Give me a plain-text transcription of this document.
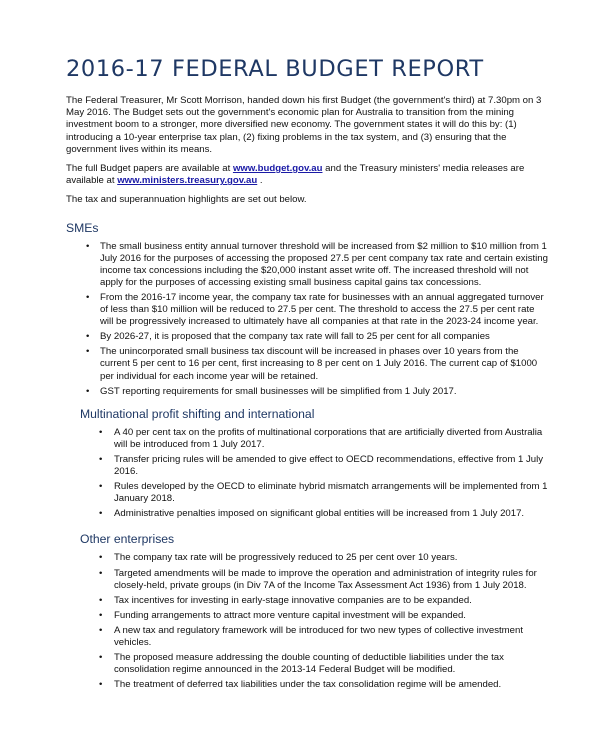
2016-17 FEDERAL BUDGET REPORT

The Federal Treasurer, Mr Scott Morrison, handed down his first Budget (the government's third) at 7.30pm on 3 May 2016. The Budget sets out the government's economic plan for Australia to transition from the mining investment boom to a stronger, more diversified new economy. The government states it will do this by: (1) introducing a 10-year enterprise tax plan, (2) fixing problems in the tax system, and (3) ensuring that the government lives within its means.

The full Budget papers are available at www.budget.gov.au and the Treasury ministers' media releases are available at www.ministers.treasury.gov.au .

The tax and superannuation highlights are set out below.

SMEs
• The small business entity annual turnover threshold will be increased from $2 million to $10 million from 1 July 2016 for the purposes of accessing the proposed 27.5 per cent company tax rate and certain existing income tax concessions including the $20,000 instant asset write off. The increased threshold will not apply for the purposes of accessing existing small business capital gains tax concessions.
• From the 2016-17 income year, the company tax rate for businesses with an annual aggregated turnover of less than $10 million will be reduced to 27.5 per cent. The threshold to access the 27.5 per cent rate will be progressively increased to ultimately have all companies at that rate in the 2023-24 income year.
• By 2026-27, it is proposed that the company tax rate will fall to 25 per cent for all companies
• The unincorporated small business tax discount will be increased in phases over 10 years from the current 5 per cent to 16 per cent, first increasing to 8 per cent on 1 July 2016. The current cap of $1000 per individual for each income year will be retained.
• GST reporting requirements for small businesses will be simplified from 1 July 2017.
Multinational profit shifting and international
• A 40 per cent tax on the profits of multinational corporations that are artificially diverted from Australia will be introduced from 1 July 2017.
• Transfer pricing rules will be amended to give effect to OECD recommendations, effective from 1 July 2016.
• Rules developed by the OECD to eliminate hybrid mismatch arrangements will be implemented from 1 January 2018.
• Administrative penalties imposed on significant global entities will be increased from 1 July 2017.
Other enterprises
• The company tax rate will be progressively reduced to 25 per cent over 10 years.
• Targeted amendments will be made to improve the operation and administration of integrity rules for closely-held, private groups (in Div 7A of the Income Tax Assessment Act 1936) from 1 July 2018.
• Tax incentives for investing in early-stage innovative companies are to be expanded.
• Funding arrangements to attract more venture capital investment will be expanded.
• A new tax and regulatory framework will be introduced for two new types of collective investment vehicles.
• The proposed measure addressing the double counting of deductible liabilities under the tax consolidation regime announced in the 2013-14 Federal Budget will be modified.
• The treatment of deferred tax liabilities under the tax consolidation regime will be amended.
